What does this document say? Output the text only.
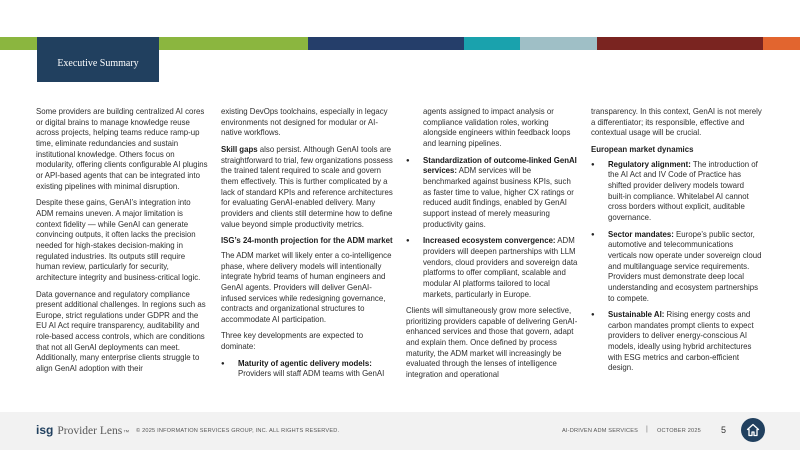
Executive Summary

Some providers are building centralized AI cores or digital brains to manage knowledge reuse across projects, helping teams reduce ramp-up time, eliminate redundancies and sustain institutional knowledge. Others focus on modularity, offering clients configurable AI plugins or API-based agents that can be integrated into existing pipelines with minimal disruption.

Despite these gains, GenAI’s integration into ADM remains uneven. A major limitation is context fidelity — while GenAI can generate convincing outputs, it often lacks the precision needed for high-stakes decision-making in regulated industries. Its outputs still require human review, particularly for security, architecture integrity and business-critical logic.

Data governance and regulatory compliance present additional challenges. In regions such as Europe, strict regulations under GDPR and the EU AI Act require transparency, auditability and role-based access controls, which are conditions that not all GenAI deployments can meet. Additionally, many enterprise clients struggle to align GenAI adoption with their

existing DevOps toolchains, especially in legacy environments not designed for modular or AI-native workflows.

Skill gaps also persist. Although GenAI tools are straightforward to trial, few organizations possess the trained talent required to scale and govern them effectively. This is further complicated by a lack of standard KPIs and reference architectures for evaluating GenAI-enabled delivery. Many providers and clients still determine how to define value beyond simple productivity metrics.

ISG’s 24-month projection for the ADM market

The ADM market will likely enter a co-intelligence phase, where delivery models will intentionally integrate hybrid teams of human engineers and GenAI agents. Providers will deliver GenAI-infused services while redesigning governance, contracts and organizational structures to accommodate AI participation.

Three key developments are expected to dominate:

● Maturity of agentic delivery models: Providers will staff ADM teams with GenAI

agents assigned to impact analysis or compliance validation roles, working alongside engineers within feedback loops and learning pipelines.

● Standardization of outcome-linked GenAI services: ADM services will be benchmarked against business KPIs, such as faster time to value, higher CX ratings or reduced audit findings, enabled by GenAI support instead of merely measuring productivity gains.
● Increased ecosystem convergence: ADM providers will deepen partnerships with LLM vendors, cloud providers and sovereign data platforms to offer compliant, scalable and modular AI platforms tailored to local markets, particularly in Europe.

Clients will simultaneously grow more selective, prioritizing providers capable of delivering GenAI-enhanced services and those that govern, adapt and explain them. Once defined by process maturity, the ADM market will increasingly be evaluated through the lenses of intelligence integration and operational

transparency. In this context, GenAI is not merely a differentiator; its responsible, effective and contextual usage will be crucial.

European market dynamics
● Regulatory alignment: The introduction of the AI Act and IV Code of Practice has shifted provider delivery models toward built-in compliance. Whitelabel AI cannot cross borders without explicit, auditable governance.
● Sector mandates: Europe’s public sector, automotive and telecommunications verticals now operate under sovereign cloud and multilanguage service requirements. Providers must demonstrate deep local understanding and ecosystem partnerships to compete.
● Sustainable AI: Rising energy costs and carbon mandates prompt clients to expect providers to deliver energy-conscious AI models, ideally using hybrid architectures with ESG metrics and carbon-efficient design.
isg Provider Lens ™ © 2025 INFORMATION SERVICES GROUP, INC. ALL RIGHTS RESERVED.	AI-DRIVEN ADM SERVICES | OCTOBER 2025 5
